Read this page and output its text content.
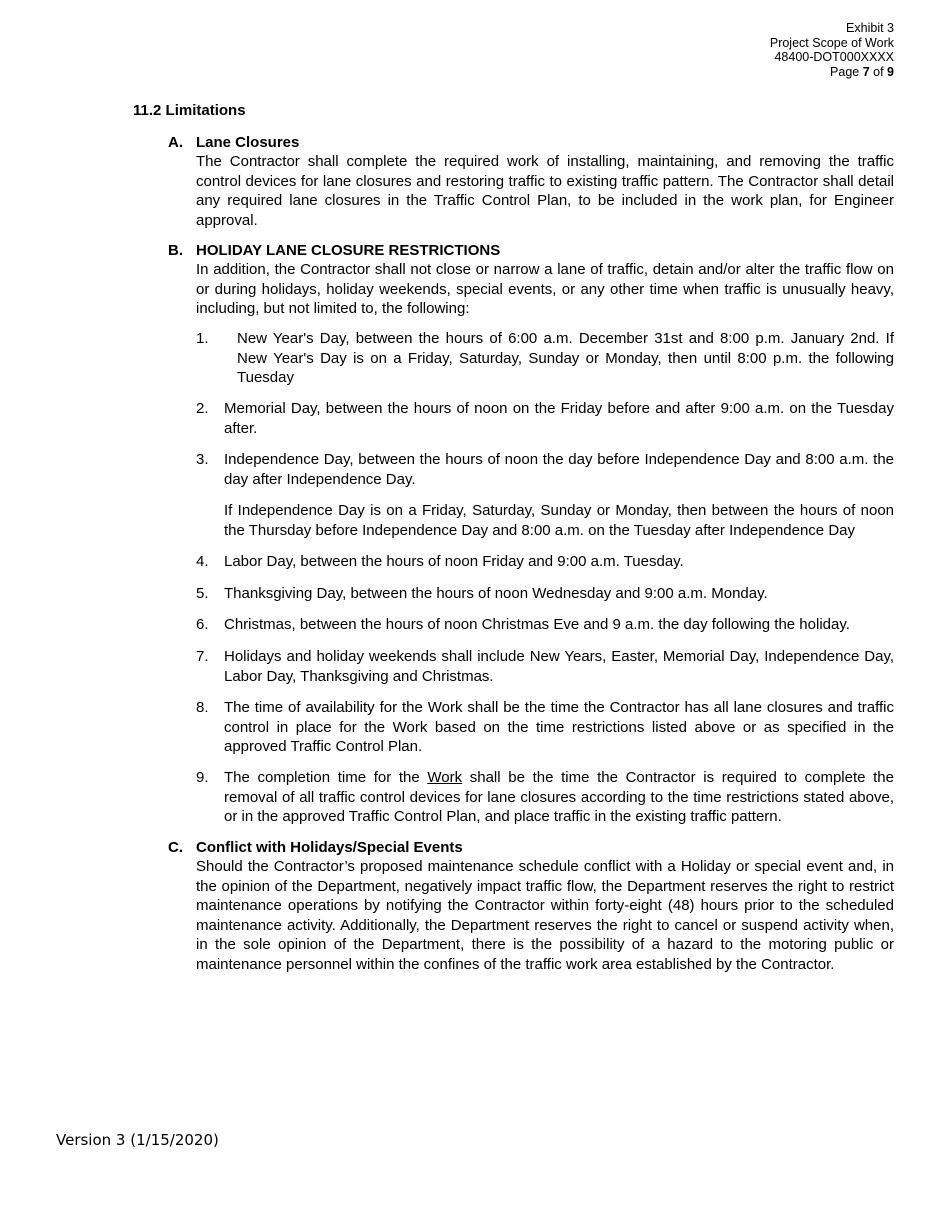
Exhibit 3
Project Scope of Work
48400-DOT000XXXX
Page 7 of 9
11.2 Limitations
A. Lane Closures
The Contractor shall complete the required work of installing, maintaining, and removing the traffic control devices for lane closures and restoring traffic to existing traffic pattern. The Contractor shall detail any required lane closures in the Traffic Control Plan, to be included in the work plan, for Engineer approval.
B. HOLIDAY LANE CLOSURE RESTRICTIONS
In addition, the Contractor shall not close or narrow a lane of traffic, detain and/or alter the traffic flow on or during holidays, holiday weekends, special events, or any other time when traffic is unusually heavy, including, but not limited to, the following:
1. New Year's Day, between the hours of 6:00 a.m. December 31st and 8:00 p.m. January 2nd. If New Year's Day is on a Friday, Saturday, Sunday or Monday, then until 8:00 p.m. the following Tuesday
2. Memorial Day, between the hours of noon on the Friday before and after 9:00 a.m. on the Tuesday after.
3. Independence Day, between the hours of noon the day before Independence Day and 8:00 a.m. the day after Independence Day.
If Independence Day is on a Friday, Saturday, Sunday or Monday, then between the hours of noon the Thursday before Independence Day and 8:00 a.m. on the Tuesday after Independence Day
4. Labor Day, between the hours of noon Friday and 9:00 a.m. Tuesday.
5. Thanksgiving Day, between the hours of noon Wednesday and 9:00 a.m. Monday.
6. Christmas, between the hours of noon Christmas Eve and 9 a.m. the day following the holiday.
7. Holidays and holiday weekends shall include New Years, Easter, Memorial Day, Independence Day, Labor Day, Thanksgiving and Christmas.
8. The time of availability for the Work shall be the time the Contractor has all lane closures and traffic control in place for the Work based on the time restrictions listed above or as specified in the approved Traffic Control Plan.
9. The completion time for the Work shall be the time the Contractor is required to complete the removal of all traffic control devices for lane closures according to the time restrictions stated above, or in the approved Traffic Control Plan, and place traffic in the existing traffic pattern.
C. Conflict with Holidays/Special Events
Should the Contractor’s proposed maintenance schedule conflict with a Holiday or special event and, in the opinion of the Department, negatively impact traffic flow, the Department reserves the right to restrict maintenance operations by notifying the Contractor within forty-eight (48) hours prior to the scheduled maintenance activity. Additionally, the Department reserves the right to cancel or suspend activity when, in the sole opinion of the Department, there is the possibility of a hazard to the motoring public or maintenance personnel within the confines of the traffic work area established by the Contractor.
Version 3 (1/15/2020)
